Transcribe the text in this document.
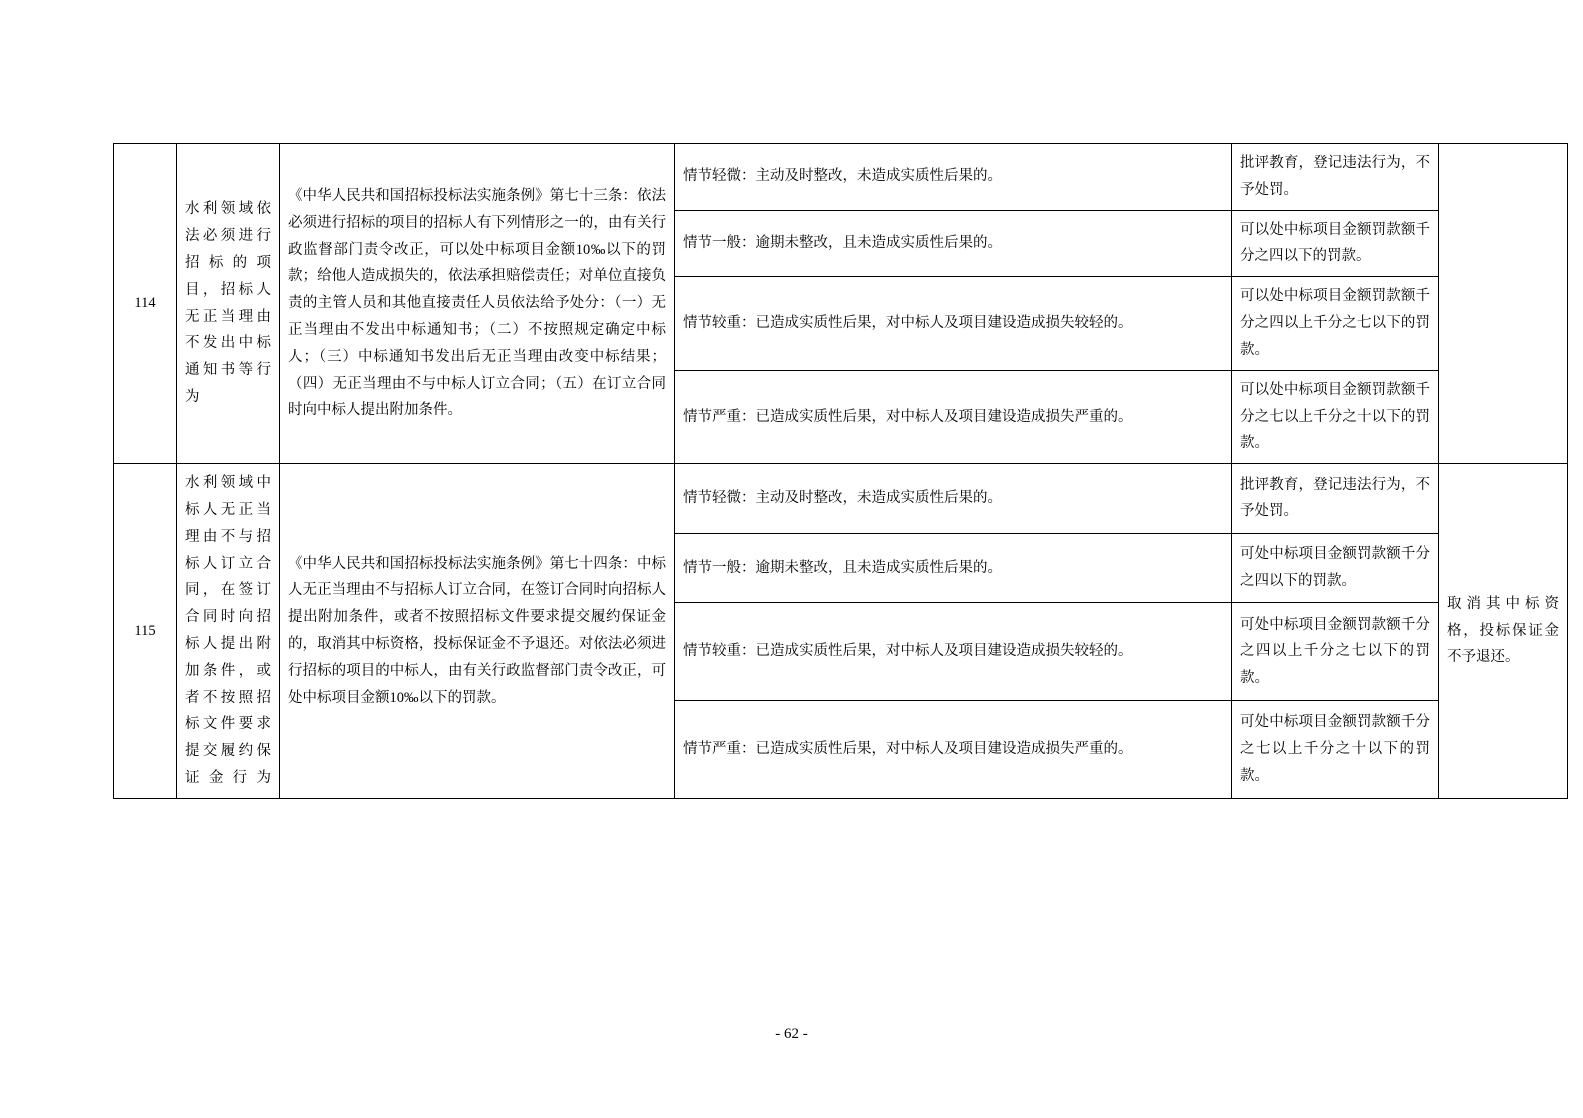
114	水利领域依法必须进行招标的项目，招标人无正当理由不发出中标通知书等行为	《中华人民共和国招标投标法实施条例》第七十三条：依法必须进行招标的项目的招标人有下列情形之一的，由有关行政监督部门责令改正，可以处中标项目金额10‰以下的罚款；给他人造成损失的，依法承担赔偿责任；对单位直接负责的主管人员和其他直接责任人员依法给予处分：（一）无正当理由不发出中标通知书；（二）不按照规定确定中标人；（三）中标通知书发出后无正当理由改变中标结果；（四）无正当理由不与中标人订立合同；（五）在订立合同时向中标人提出附加条件。	情节轻微：主动及时整改，未造成实质性后果的。	批评教育，登记违法行为，不予处罚。	
			情节一般：逾期未整改，且未造成实质性后果的。	可以处中标项目金额罚款额千分之四以下的罚款。	
			情节较重：已造成实质性后果，对中标人及项目建设造成损失较轻的。	可以处中标项目金额罚款额千分之四以上千分之七以下的罚款。	
			情节严重：已造成实质性后果，对中标人及项目建设造成损失严重的。	可以处中标项目金额罚款额千分之七以上千分之十以下的罚款。	
115	水利领域中标人无正当理由不与招标人订立合同，在签订合同时向招标人提出附加条件，或者不按照招标文件要求提交履约保证金行为	《中华人民共和国招标投标法实施条例》第七十四条：中标人无正当理由不与招标人订立合同，在签订合同时向招标人提出附加条件，或者不按照招标文件要求提交履约保证金的，取消其中标资格，投标保证金不予退还。对依法必须进行招标的项目的中标人，由有关行政监督部门责令改正，可处中标项目金额10‰以下的罚款。	情节轻微：主动及时整改，未造成实质性后果的。	批评教育，登记违法行为，不予处罚。	取消其中标资格，投标保证金不予退还。
			情节一般：逾期未整改，且未造成实质性后果的。	可处中标项目金额罚款额千分之四以下的罚款。	
			情节较重：已造成实质性后果，对中标人及项目建设造成损失较轻的。	可处中标项目金额罚款额千分之四以上千分之七以下的罚款。	
			情节严重：已造成实质性后果，对中标人及项目建设造成损失严重的。	可处中标项目金额罚款额千分之七以上千分之十以下的罚款。	
- 62 -
